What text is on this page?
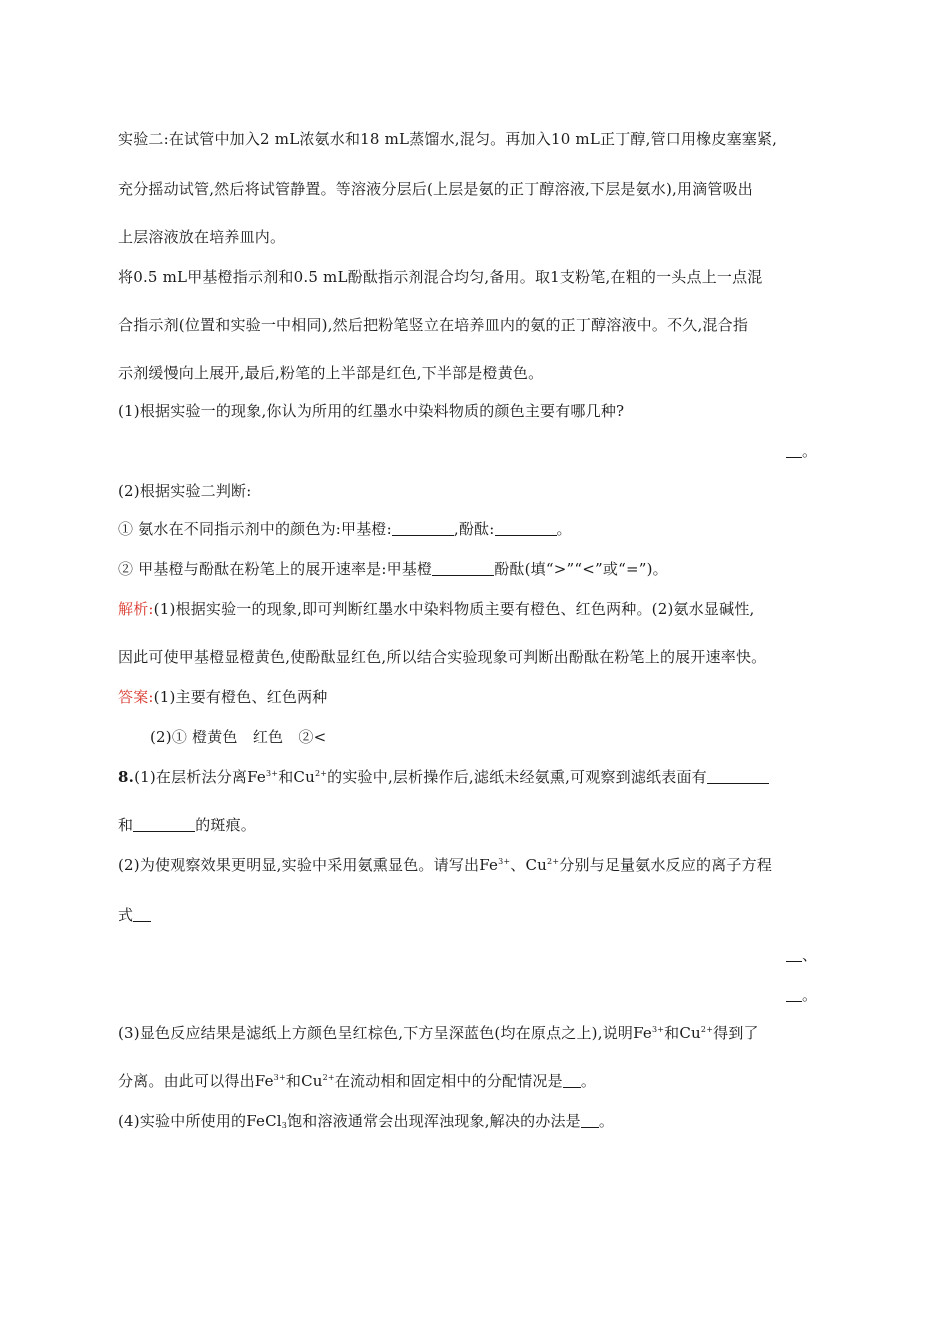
实验二:在试管中加入2 mL浓氨水和18 mL蒸馏水,混匀。再加入10 mL正丁醇,管口用橡皮塞塞紧,
充分摇动试管,然后将试管静置。等溶液分层后(上层是氨的正丁醇溶液,下层是氨水),用滴管吸出
上层溶液放在培养皿内。
将0.5 mL甲基橙指示剂和0.5 mL酚酞指示剂混合均匀,备用。取1支粉笔,在粗的一头点上一点混
合指示剂(位置和实验一中相同),然后把粉笔竖立在培养皿内的氨的正丁醇溶液中。不久,混合指
示剂缓慢向上展开,最后,粉笔的上半部是红色,下半部是橙黄色。
(1)根据实验一的现象,你认为所用的红墨水中染料物质的颜色主要有哪几种?
。
(2)根据实验二判断:
① 氨水在不同指示剂中的颜色为:甲基橙:	,酚酞:	。
② 甲基橙与酚酞在粉笔上的展开速率是:甲基橙	酚酞(填“>”“<”或“=”)。
解析:(1)根据实验一的现象,即可判断红墨水中染料物质主要有橙色、红色两种。(2)氨水显碱性,
因此可使甲基橙显橙黄色,使酚酞显红色,所以结合实验现象可判断出酚酞在粉笔上的展开速率快。
答案:(1)主要有橙色、红色两种
(2)① 橙黄色　红色　②<
8.(1)在层析法分离$Fe^{3+}$和$Cu^{2+}$的实验中,层析操作后,滤纸未经氨熏,可观察到滤纸表面有
和	的斑痕。
(2)为使观察效果更明显,实验中采用氨熏显色。请写出$Fe^{3+}$、$Cu^{2+}$分别与足量氨水反应的离子方程
式
、
。
(3)显色反应结果是滤纸上方颜色呈红棕色,下方呈深蓝色(均在原点之上),说明$Fe^{3+}$和$Cu^{2+}$得到了
分离。由此可以得出$Fe^{3+}$和$Cu^{2+}$在流动相和固定相中的分配情况是 。
(4)实验中所使用的FeCl$_3$饱和溶液通常会出现浑浊现象,解决的办法是 。
